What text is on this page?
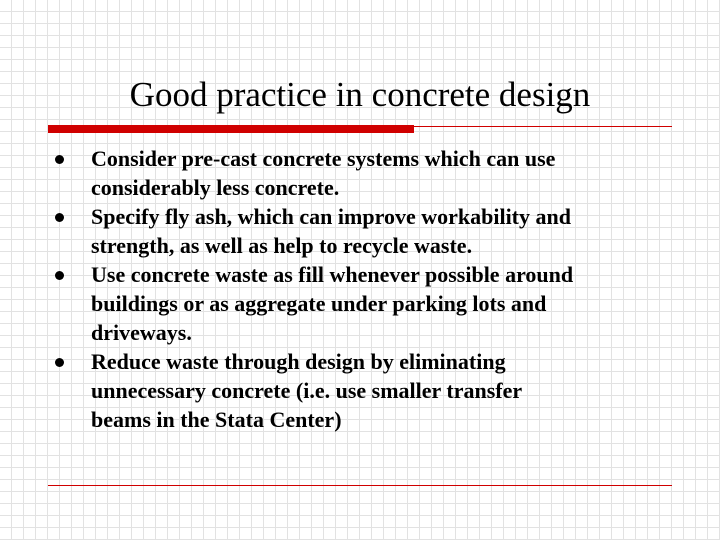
Good practice in concrete design
Consider pre-cast concrete systems which can use
considerably less concrete.
Specify fly ash, which can improve workability and
strength, as well as help to recycle waste.
Use concrete waste as fill whenever possible around
buildings or as aggregate under parking lots and
driveways.
Reduce waste through design by eliminating
unnecessary concrete (i.e. use smaller transfer
beams in the Stata Center)
